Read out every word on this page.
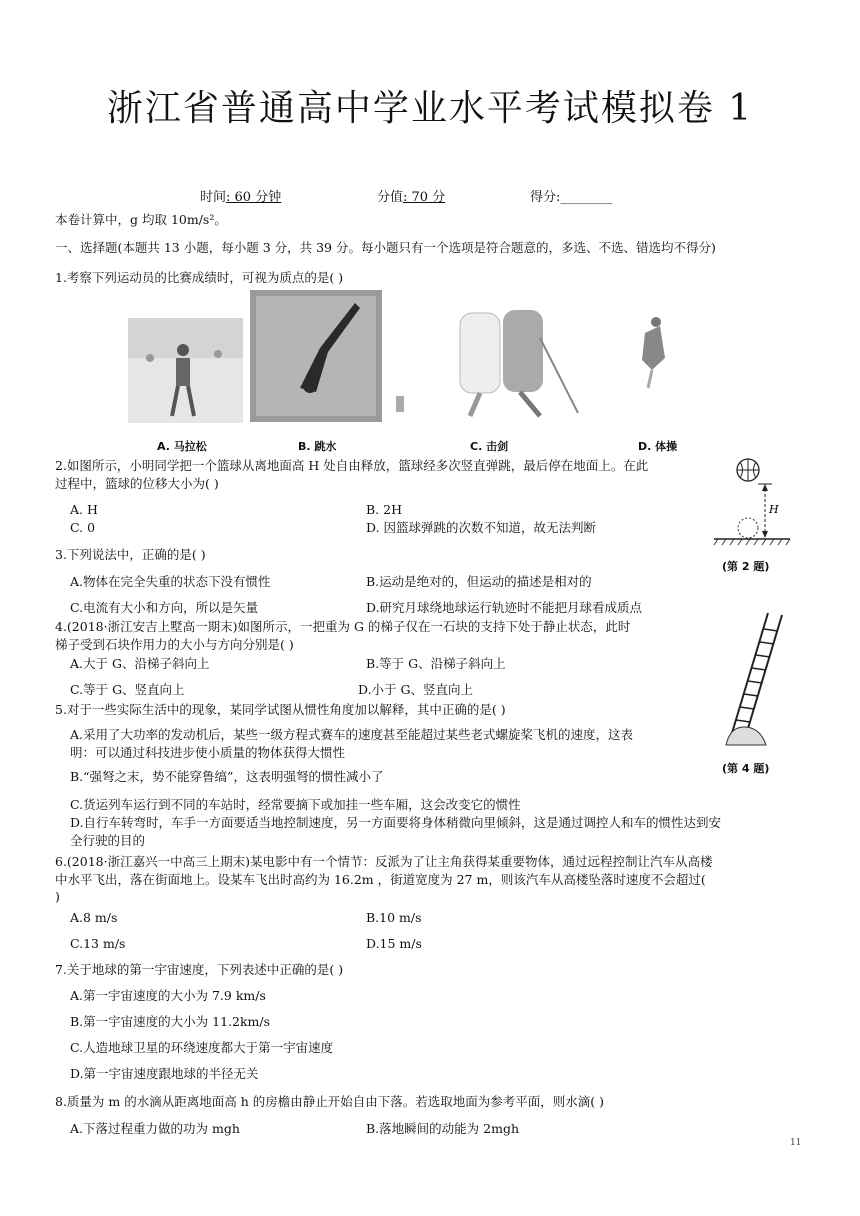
浙江省普通高中学业水平考试模拟卷 1
时间: 60 分钟	分值: 70 分	得分:________
本卷计算中，g 均取 10m/s²。
一、选择题(本题共 13 小题，每小题 3 分，共 39 分。每小题只有一个选项是符合题意的，多选、不选、错选均不得分)
1.考察下列运动员的比赛成绩时，可视为质点的是( )
A. 马拉松	B. 跳水	C. 击剑	D. 体操
2.如图所示，小明同学把一个篮球从离地面高 H 处自由释放，篮球经多次竖直弹跳，最后停在地面上。在此
过程中，篮球的位移大小为( )
A. H	B. 2H
C. 0	D. 因篮球弹跳的次数不知道，故无法判断
H
(第 2 题)
3.下列说法中，正确的是( )
A.物体在完全失重的状态下没有惯性	B.运动是绝对的，但运动的描述是相对的
C.电流有大小和方向，所以是矢量	D.研究月球绕地球运行轨迹时不能把月球看成质点
4.(2018·浙江安吉上墅高一期末)如图所示，一把重为 G 的梯子仅在一石块的支持下处于静止状态，此时
梯子受到石块作用力的大小与方向分别是( )
A.大于 G、沿梯子斜向上	B.等于 G、沿梯子斜向上
C.等于 G、竖直向上	D.小于 G、竖直向上
(第 4 题)
5.对于一些实际生活中的现象，某同学试图从惯性角度加以解释，其中正确的是( )
A.采用了大功率的发动机后，某些一级方程式赛车的速度甚至能超过某些老式螺旋桨飞机的速度，这表
明：可以通过科技进步使小质量的物体获得大惯性
B.“强弩之末，势不能穿鲁缟”，这表明强弩的惯性减小了
C.货运列车运行到不同的车站时，经常要摘下或加挂一些车厢，这会改变它的惯性
D.自行车转弯时，车手一方面要适当地控制速度，另一方面要将身体稍微向里倾斜，这是通过调控人和车的惯性达到安
全行驶的目的
6.(2018·浙江嘉兴一中高三上期末)某电影中有一个情节：反派为了让主角获得某重要物体，通过远程控制让汽车从高楼
中水平飞出，落在街面地上。设某车飞出时高约为 16.2m ，街道宽度为 27 m，则该汽车从高楼坠落时速度不会超过(
)
A.8 m/s	B.10 m/s
C.13 m/s	D.15 m/s
7.关于地球的第一宇宙速度，下列表述中正确的是( )
A.第一宇宙速度的大小为 7.9 km/s
B.第一宇宙速度的大小为 11.2km/s
C.人造地球卫星的环绕速度都大于第一宇宙速度
D.第一宇宙速度跟地球的半径无关
8.质量为 m 的水滴从距离地面高 h 的房檐由静止开始自由下落。若选取地面为参考平面，则水滴( )
A.下落过程重力做的功为 mgh	B.落地瞬间的动能为 2mgh
11
